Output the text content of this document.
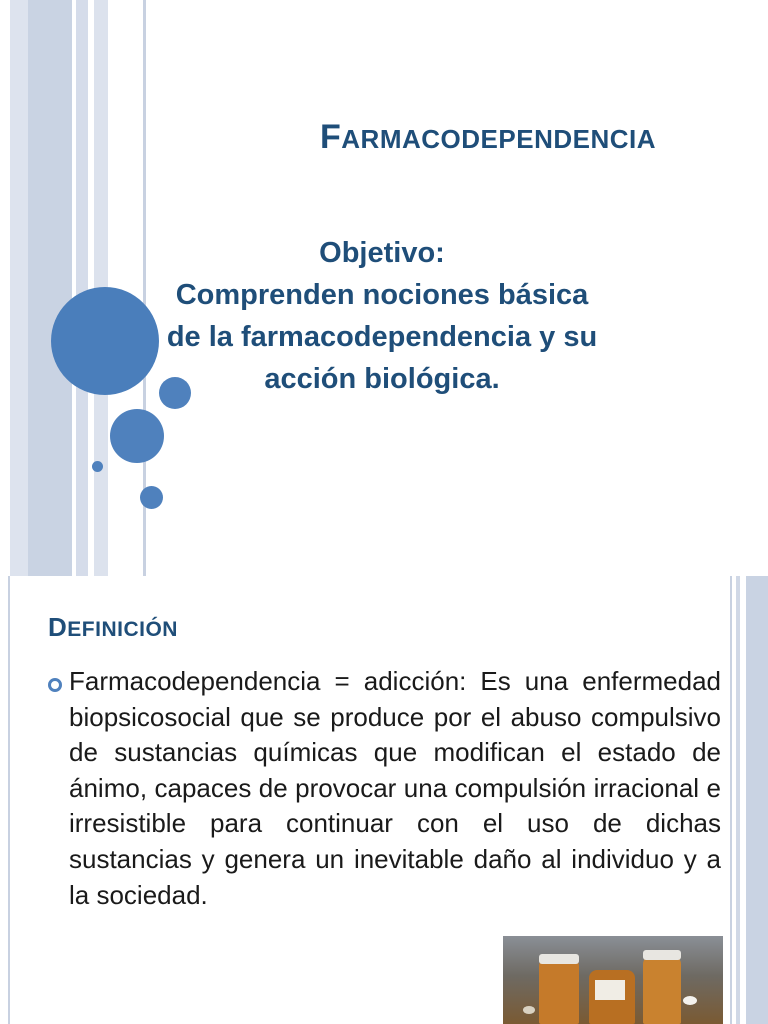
FARMACODEPENDENCIA
Objetivo:
Comprenden nociones básica
de la farmacodependencia y su
acción biológica.
DEFINICIÓN
Farmacodependencia = adicción: Es una enfermedad biopsicosocial que se produce por el abuso compulsivo de sustancias químicas que modifican el estado de ánimo, capaces de provocar una compulsión irracional e irresistible para continuar con el uso de dichas sustancias y genera un inevitable daño al individuo y a la sociedad.
